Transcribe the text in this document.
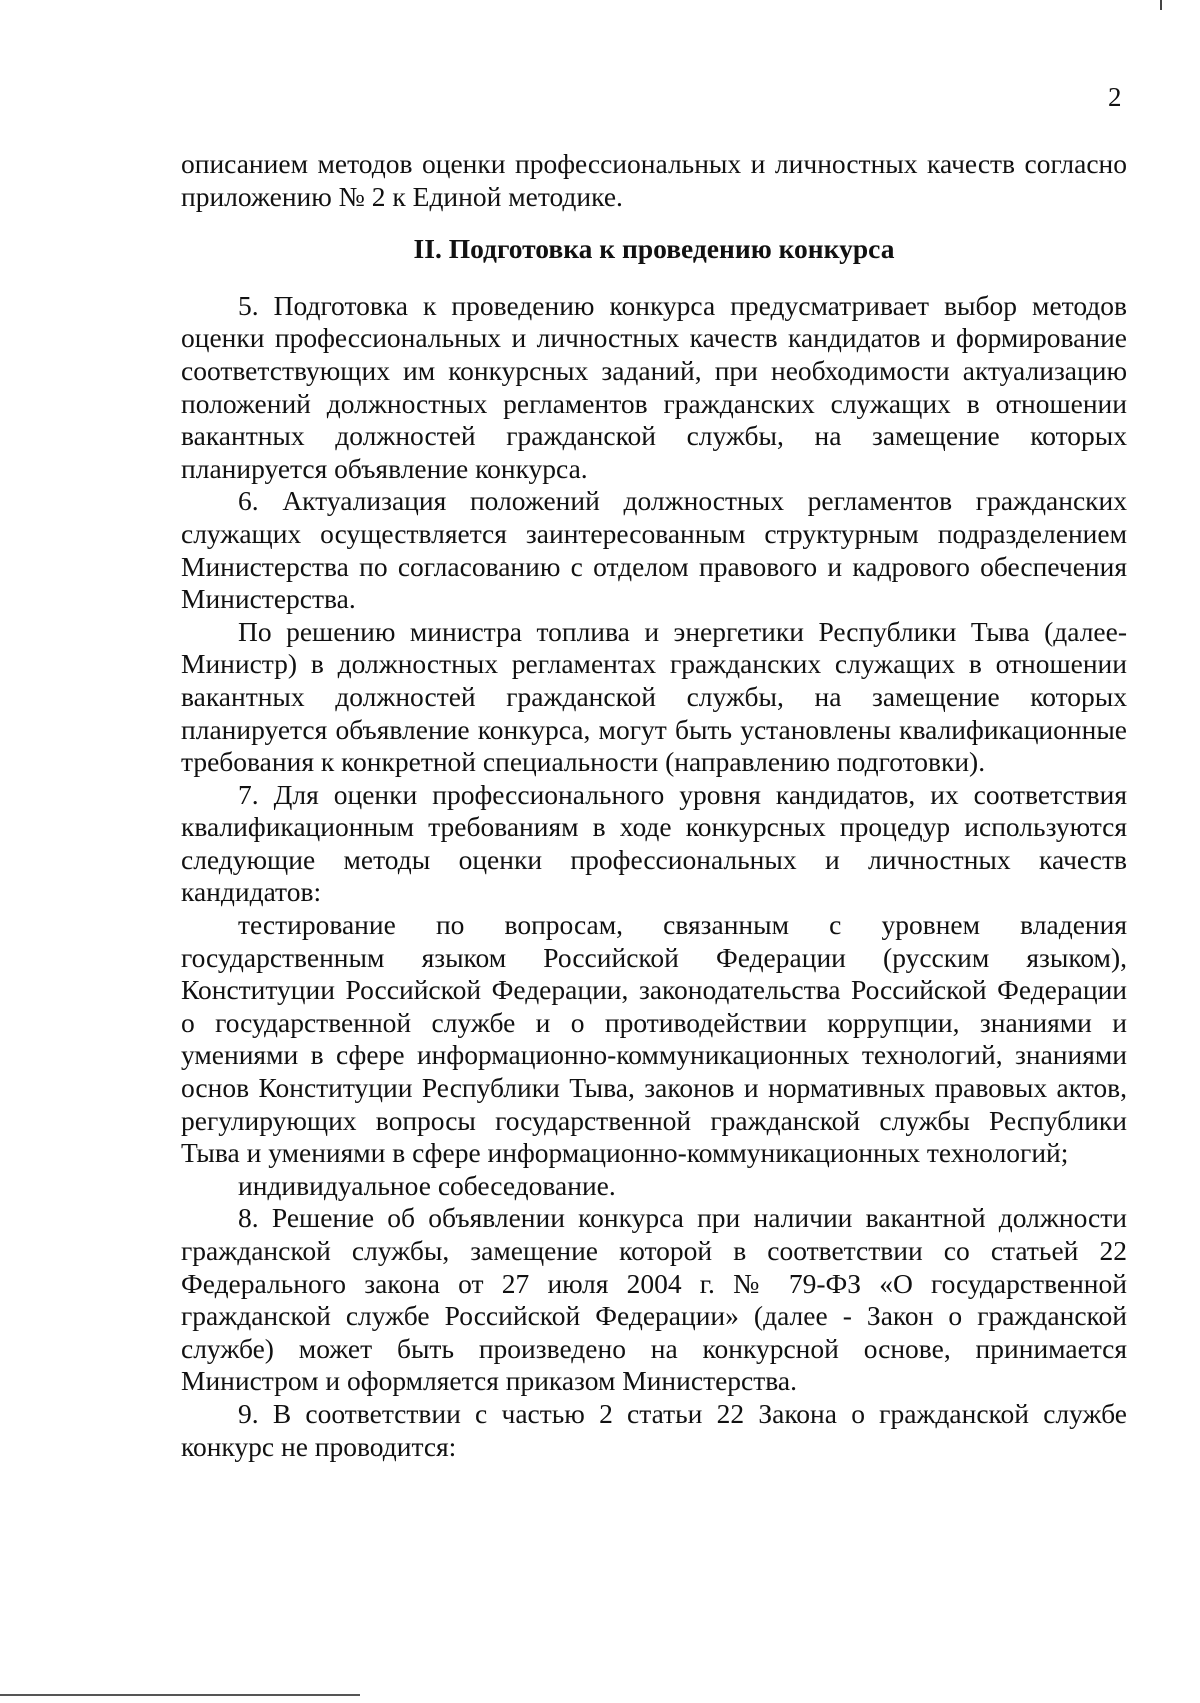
2

описанием методов оценки профессиональных и личностных качеств согласно приложению № 2 к Единой методике.

II. Подготовка к проведению конкурса

5. Подготовка к проведению конкурса предусматривает выбор методов оценки профессиональных и личностных качеств кандидатов и формирование соответствующих им конкурсных заданий, при необходимости актуализацию положений должностных регламентов гражданских служащих в отношении вакантных должностей гражданской службы, на замещение которых планируется объявление конкурса.

6. Актуализация положений должностных регламентов гражданских служащих осуществляется заинтересованным структурным подразделением Министерства по согласованию с отделом правового и кадрового обеспечения Министерства.

По решению министра топлива и энергетики Республики Тыва (далее- Министр) в должностных регламентах гражданских служащих в отношении вакантных должностей гражданской службы, на замещение которых планируется объявление конкурса, могут быть установлены квалификационные требования к конкретной специальности (направлению подготовки).

7. Для оценки профессионального уровня кандидатов, их соответствия квалификационным требованиям в ходе конкурсных процедур используются следующие методы оценки профессиональных и личностных качеств кандидатов:

тестирование по вопросам, связанным с уровнем владения государственным языком Российской Федерации (русским языком), Конституции Российской Федерации, законодательства Российской Федерации о государственной службе и о противодействии коррупции, знаниями и умениями в сфере информационно-коммуникационных технологий, знаниями основ Конституции Республики Тыва, законов и нормативных правовых актов, регулирующих вопросы государственной гражданской службы Республики Тыва и умениями в сфере информационно-коммуникационных технологий;

индивидуальное собеседование.

8. Решение об объявлении конкурса при наличии вакантной должности гражданской службы, замещение которой в соответствии со статьей 22 Федерального закона от 27 июля 2004 г. № 79-ФЗ «О государственной гражданской службе Российской Федерации» (далее - Закон о гражданской службе) может быть произведено на конкурсной основе, принимается Министром и оформляется приказом Министерства.

9. В соответствии с частью 2 статьи 22 Закона о гражданской службе конкурс не проводится:
